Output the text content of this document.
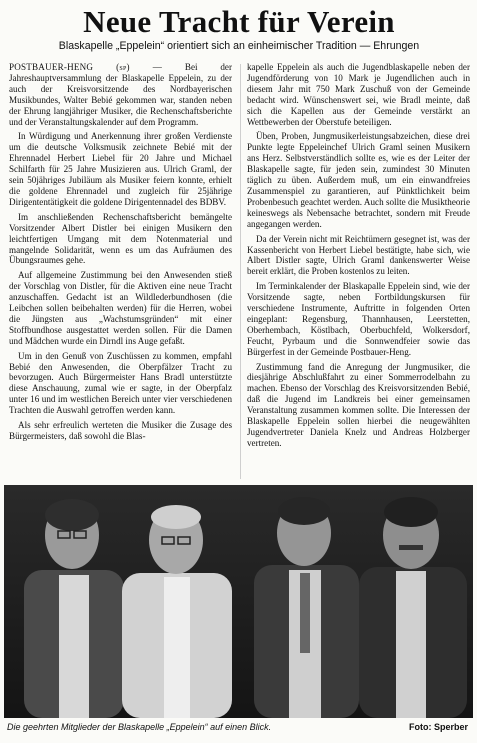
Neue Tracht für Verein
Blaskapelle „Eppelein“ orientiert sich an einheimischer Tradition — Ehrungen

POSTBAUER-HENG (sp) —	Bei der Jahreshauptversammlung der Blaskapelle Eppelein, zu der auch der Kreisvorsitzende des Nordbayerischen Musikbundes, Walter Bebié gekommen war, standen neben der Ehrung langjähriger Musiker, die Rechenschaftsberichte und der Veranstaltungskalender auf dem Programm.

In Würdigung und Anerkennung ihrer großen Verdienste um die deutsche Volksmusik zeichnete Bebié mit der Ehrennadel Herbert Liebel für 20 Jahre und Michael Schilfarth für 25 Jahre Musizieren aus. Ulrich Graml, der sein 50jähriges Jubiläum als Musiker feiern konnte, erhielt die goldene Ehrennadel und zugleich für 25jährige Dirigententätigkeit die goldene Dirigentennadel des BDBV.

Im anschließenden Rechenschaftsbericht bemängelte Vorsitzender Albert Distler bei einigen Musikern den leichtfertigen Umgang mit dem Notenmaterial und mangelnde Solidarität, wenn es um das Aufräumen des Übungsraumes gehe.

Auf allgemeine Zustimmung bei den Anwesenden stieß der Vorschlag von Distler, für die Aktiven eine neue Tracht anzuschaffen. Gedacht ist an Wildlederbundhosen (die Leibchen sollen beibehalten werden) für die Herren, wobei die Jüngsten aus „Wachstumsgründen“ mit einer Stoffbundhose ausgestattet werden sollen. Für die Damen und Mädchen wurde ein Dirndl ins Auge gefaßt.

Um in den Genuß von Zuschüssen zu kommen, empfahl Bebié den Anwesenden, die Oberpfälzer Tracht zu bevorzugen. Auch Bürgermeister Hans Bradl unterstützte diese Anschauung, zumal wie er sagte, in der Oberpfalz unter 16 und im westlichen Bereich unter vier verschiedenen Trachten die Auswahl getroffen werden kann.

Als sehr erfreulich werteten die Musiker die Zusage des Bürgermeisters, daß sowohl die Blas-

kapelle Eppelein als auch die Jugendblaskapelle neben der Jugendförderung von 10 Mark je Jugendlichen auch in diesem Jahr mit 750 Mark Zuschuß von der Gemeinde bedacht wird. Wünschenswert sei, wie Bradl meinte, daß sich die Kapellen aus der Gemeinde verstärkt an Wettbewerben der Oberstufe beteiligen.

Üben, Proben, Jungmusikerleistungsabzeichen, diese drei Punkte legte Eppeleinchef Ulrich Graml seinen Musikern ans Herz. Selbstverständlich sollte es, wie es der Leiter der Blaskapelle sagte, für jeden sein, zumindest 30 Minuten täglich zu üben. Außerdem muß, um ein einwandfreies Zusammenspiel zu garantieren, auf Pünktlichkeit beim Probenbesuch geachtet werden. Auch sollte die Musiktheorie keineswegs als Nebensache betrachtet, sondern mit Freude angegangen werden.

Da der Verein nicht mit Reichtümern gesegnet ist, was der Kassenbericht von Herbert Liebel bestätigte, habe sich, wie Albert Distler sagte, Ulrich Graml dankenswerter Weise bereit erklärt, die Proben kostenlos zu leiten.

Im Terminkalender der Blaskapalle Eppelein sind, wie der Vorsitzende sagte, neben Fortbildungskursen für verschiedene Instrumente, Auftritte in folgenden Orten eingeplant: Regensburg, Thannhausen, Leerstetten, Oberhembach, Köstlbach, Oberbuchfeld, Wolkersdorf, Feucht, Pyrbaum und die Sonnwendfeier sowie das Bürgerfest in der Gemeinde Postbauer-Heng.

Zustimmung fand die Anregung der Jungmusiker, die diesjährige Abschlußfahrt zu einer Sommerrodelbahn zu machen. Ebenso der Vorschlag des Kreisvorsitzenden Bebié, daß die Jugend im Landkreis bei einer gemeinsamen Veranstaltung zusammen kommen sollte. Die Interessen der Blaskapelle Eppelein sollen hierbei die neugewählten Jugendvertreter Daniela Knelz und Andreas Holzberger vertreten.

Die geehrten Mitglieder der Blaskapelle „Eppelein“ auf einen Blick.	Foto: Sperber
